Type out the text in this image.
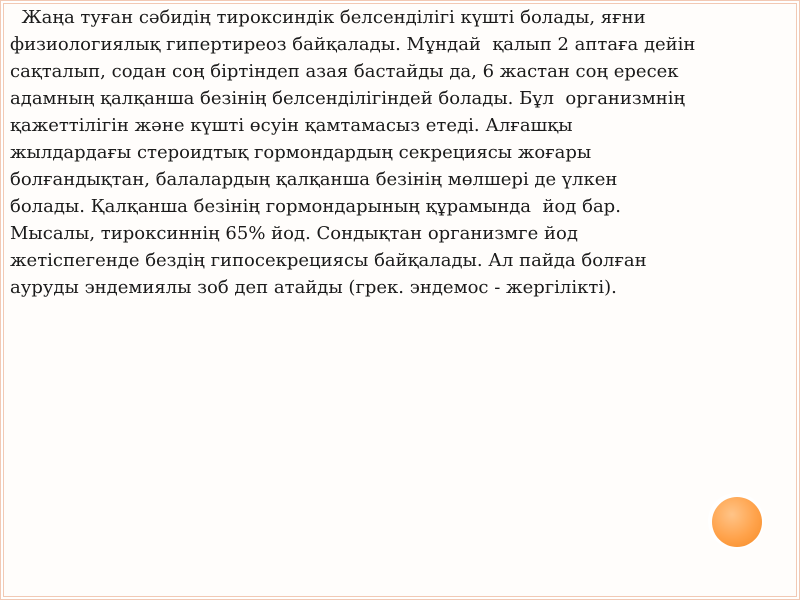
Жаңа туған сәбидің тироксиндік белсенділігі күшті болады, яғни
физиологиялық гипертиреоз байқалады. Мұндай  қалып 2 аптаға дейін
сақталып, содан соң біртіндеп азая бастайды да, 6 жастан соң ересек
адамның қалқанша безінің белсенділігіндей болады. Бұл  организмнің
қажеттілігін және күшті өсуін қамтамасыз етеді. Алғашқы
жылдардағы стероидтық гормондардың секрециясы жоғары
болғандықтан, балалардың қалқанша безінің мөлшері де үлкен
болады. Қалқанша безінің гормондарының құрамында  йод бар.
Мысалы, тироксиннің 65% йод. Сондықтан организмге йод
жетіспегенде бездің гипосекрециясы байқалады. Ал пайда болған
ауруды эндемиялы зоб деп атайды (грек. эндемос - жергілікті).
